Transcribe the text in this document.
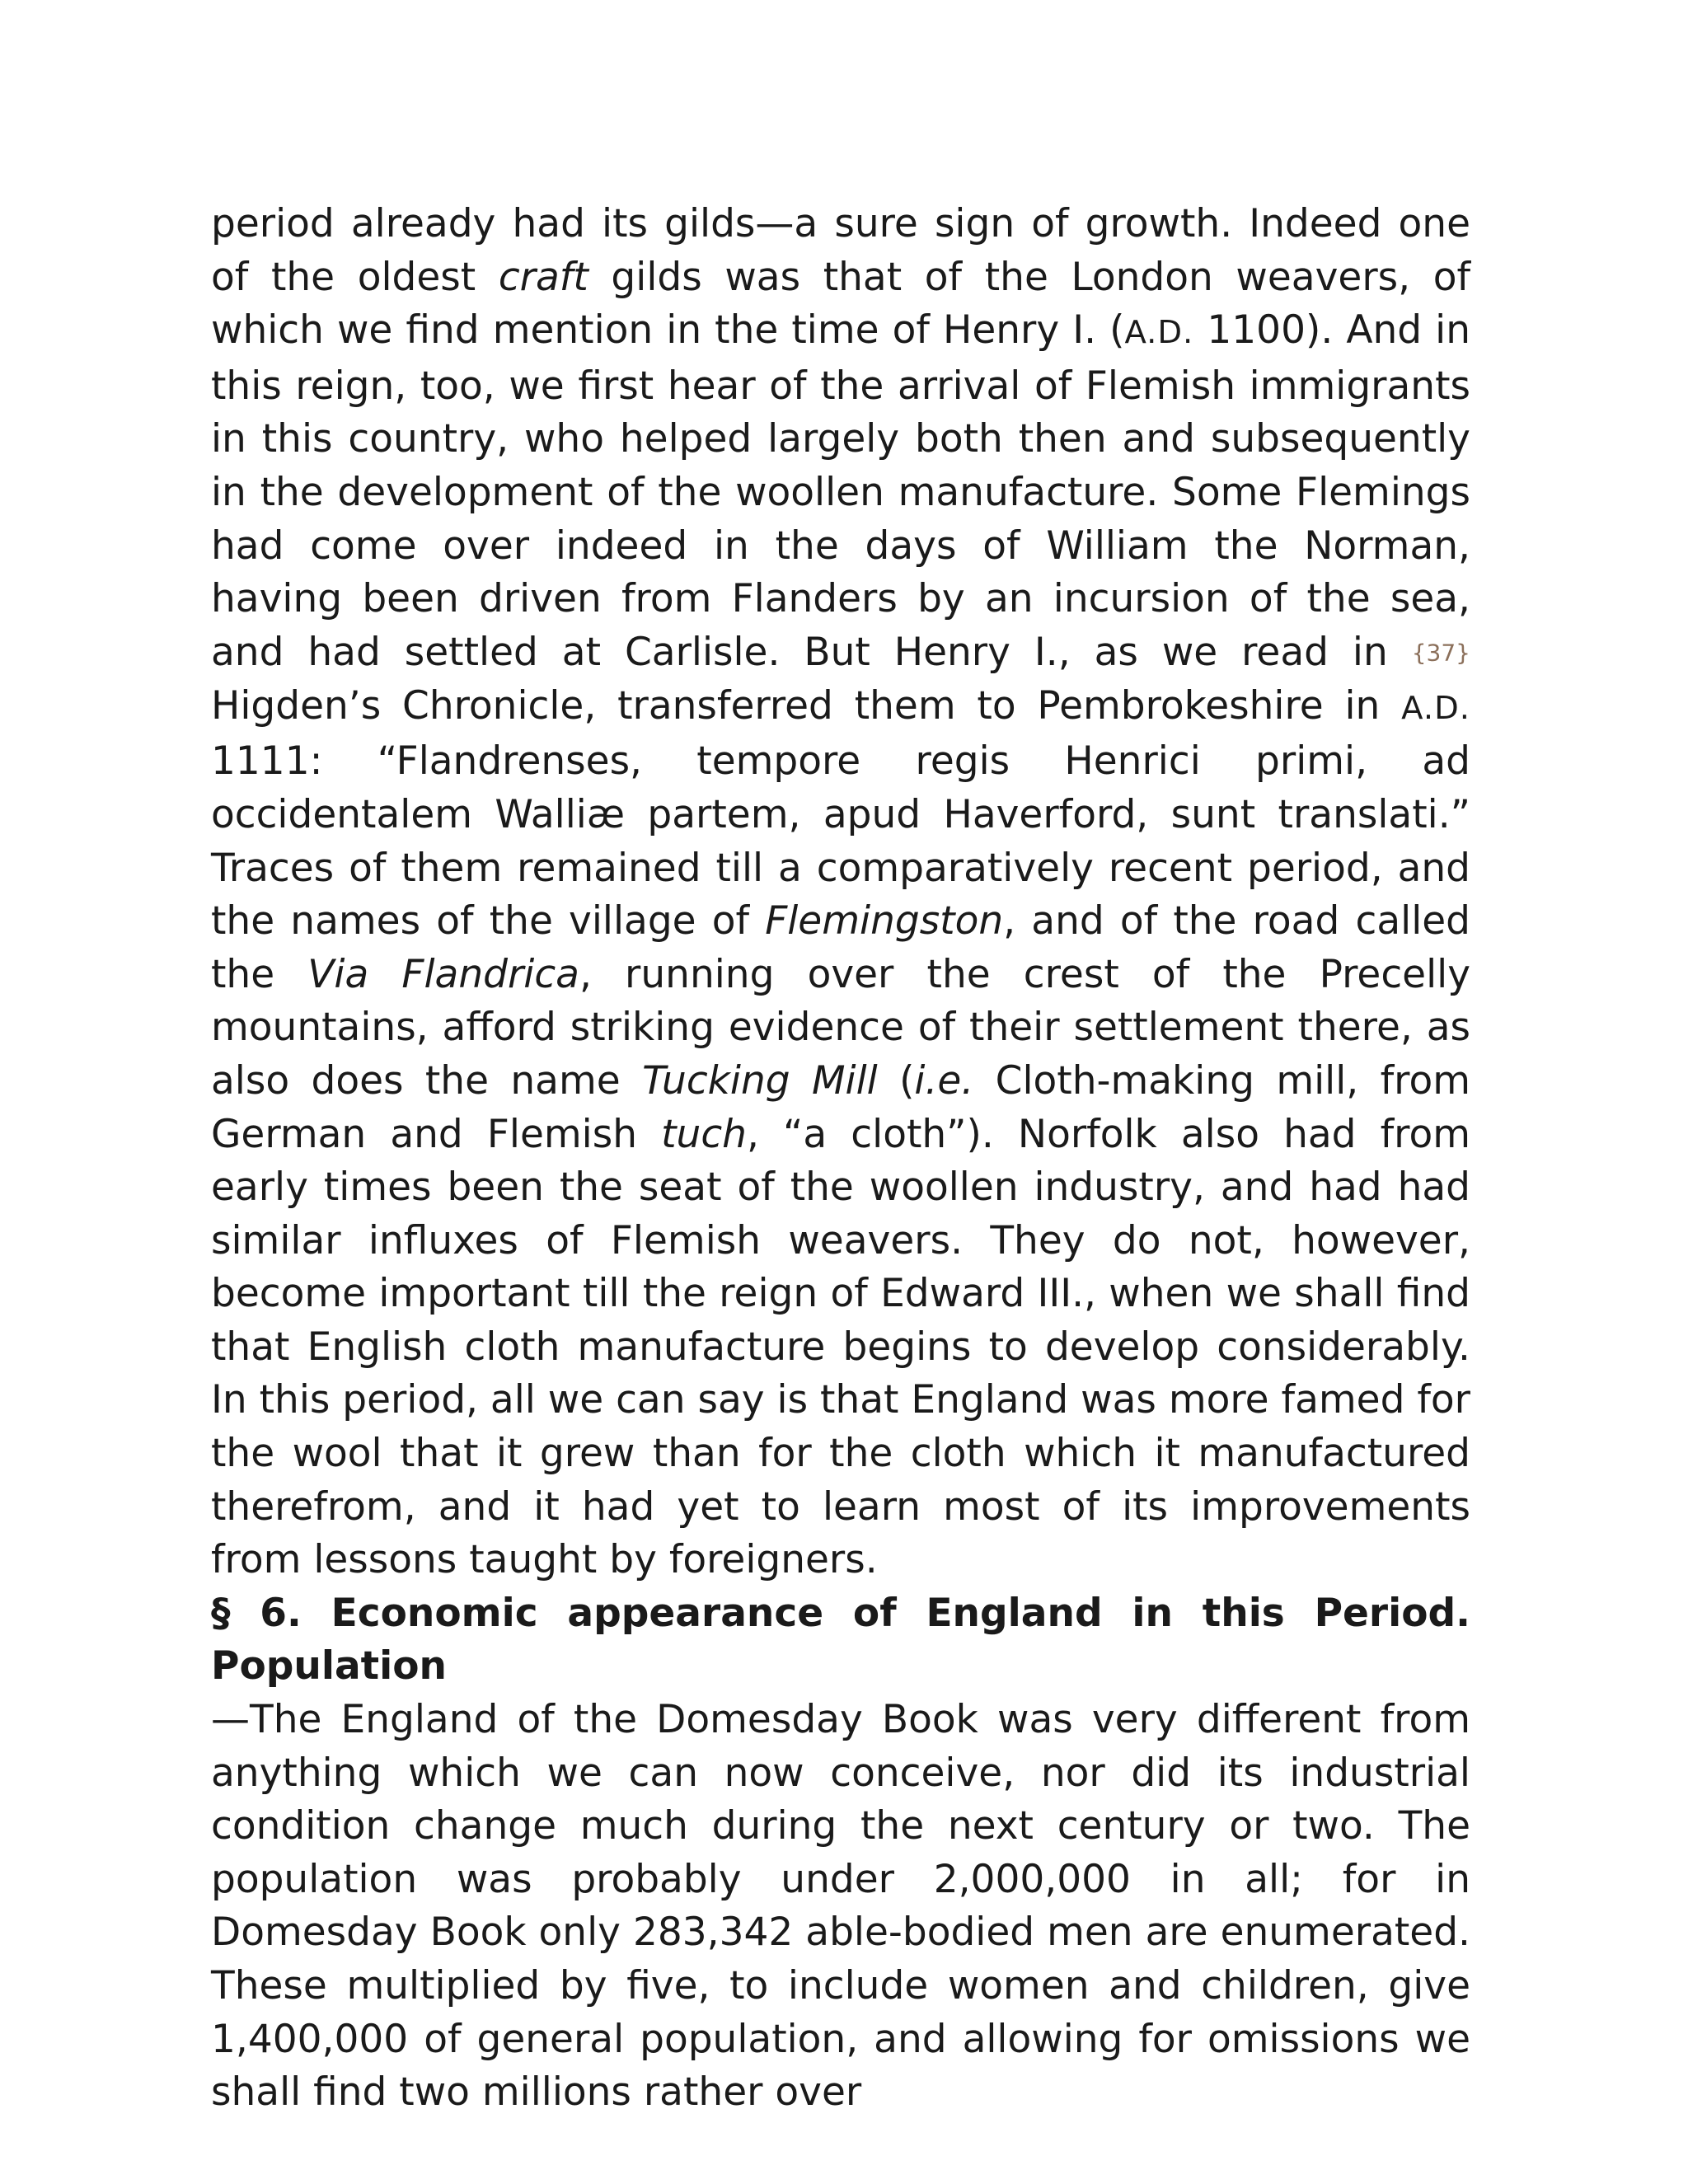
period already had its gilds—a sure sign of growth. Indeed one of the oldest craft gilds was that of the London weavers, of which we find mention in the time of Henry I. (A.D. 1100). And in this reign, too, we first hear of the arrival of Flemish immigrants in this country, who helped largely both then and subsequently in the development of the woollen manufacture. Some Flemings had come over indeed in the days of William the Norman, having been driven from Flanders by an incursion of the sea, and had settled at Carlisle. But Henry I., as we read in {37} Higden’s Chronicle, transferred them to Pembrokeshire in A.D. 1111: “Flandrenses, tempore regis Henrici primi, ad occidentalem Walliæ partem, apud Haverford, sunt translati.” Traces of them remained till a comparatively recent period, and the names of the village of Flemingston, and of the road called the Via Flandrica, running over the crest of the Precelly mountains, afford striking evidence of their settlement there, as also does the name Tucking Mill (i.e. Cloth-making mill, from German and Flemish tuch, “a cloth”). Norfolk also had from early times been the seat of the woollen industry, and had had similar influxes of Flemish weavers. They do not, however, become important till the reign of Edward III., when we shall find that English cloth manufacture begins to develop considerably. In this period, all we can say is that England was more famed for the wool that it grew than for the cloth which it manufactured therefrom, and it had yet to learn most of its improvements from lessons taught by foreigners.

§ 6. Economic appearance of England in this Period. Population

—The England of the Domesday Book was very different from anything which we can now conceive, nor did its industrial condition change much during the next century or two. The population was probably under 2,000,000 in all; for in Domesday Book only 283,342 able-bodied men are enumerated. These multiplied by five, to include women and children, give 1,400,000 of general population, and allowing for omissions we shall find two millions rather over
